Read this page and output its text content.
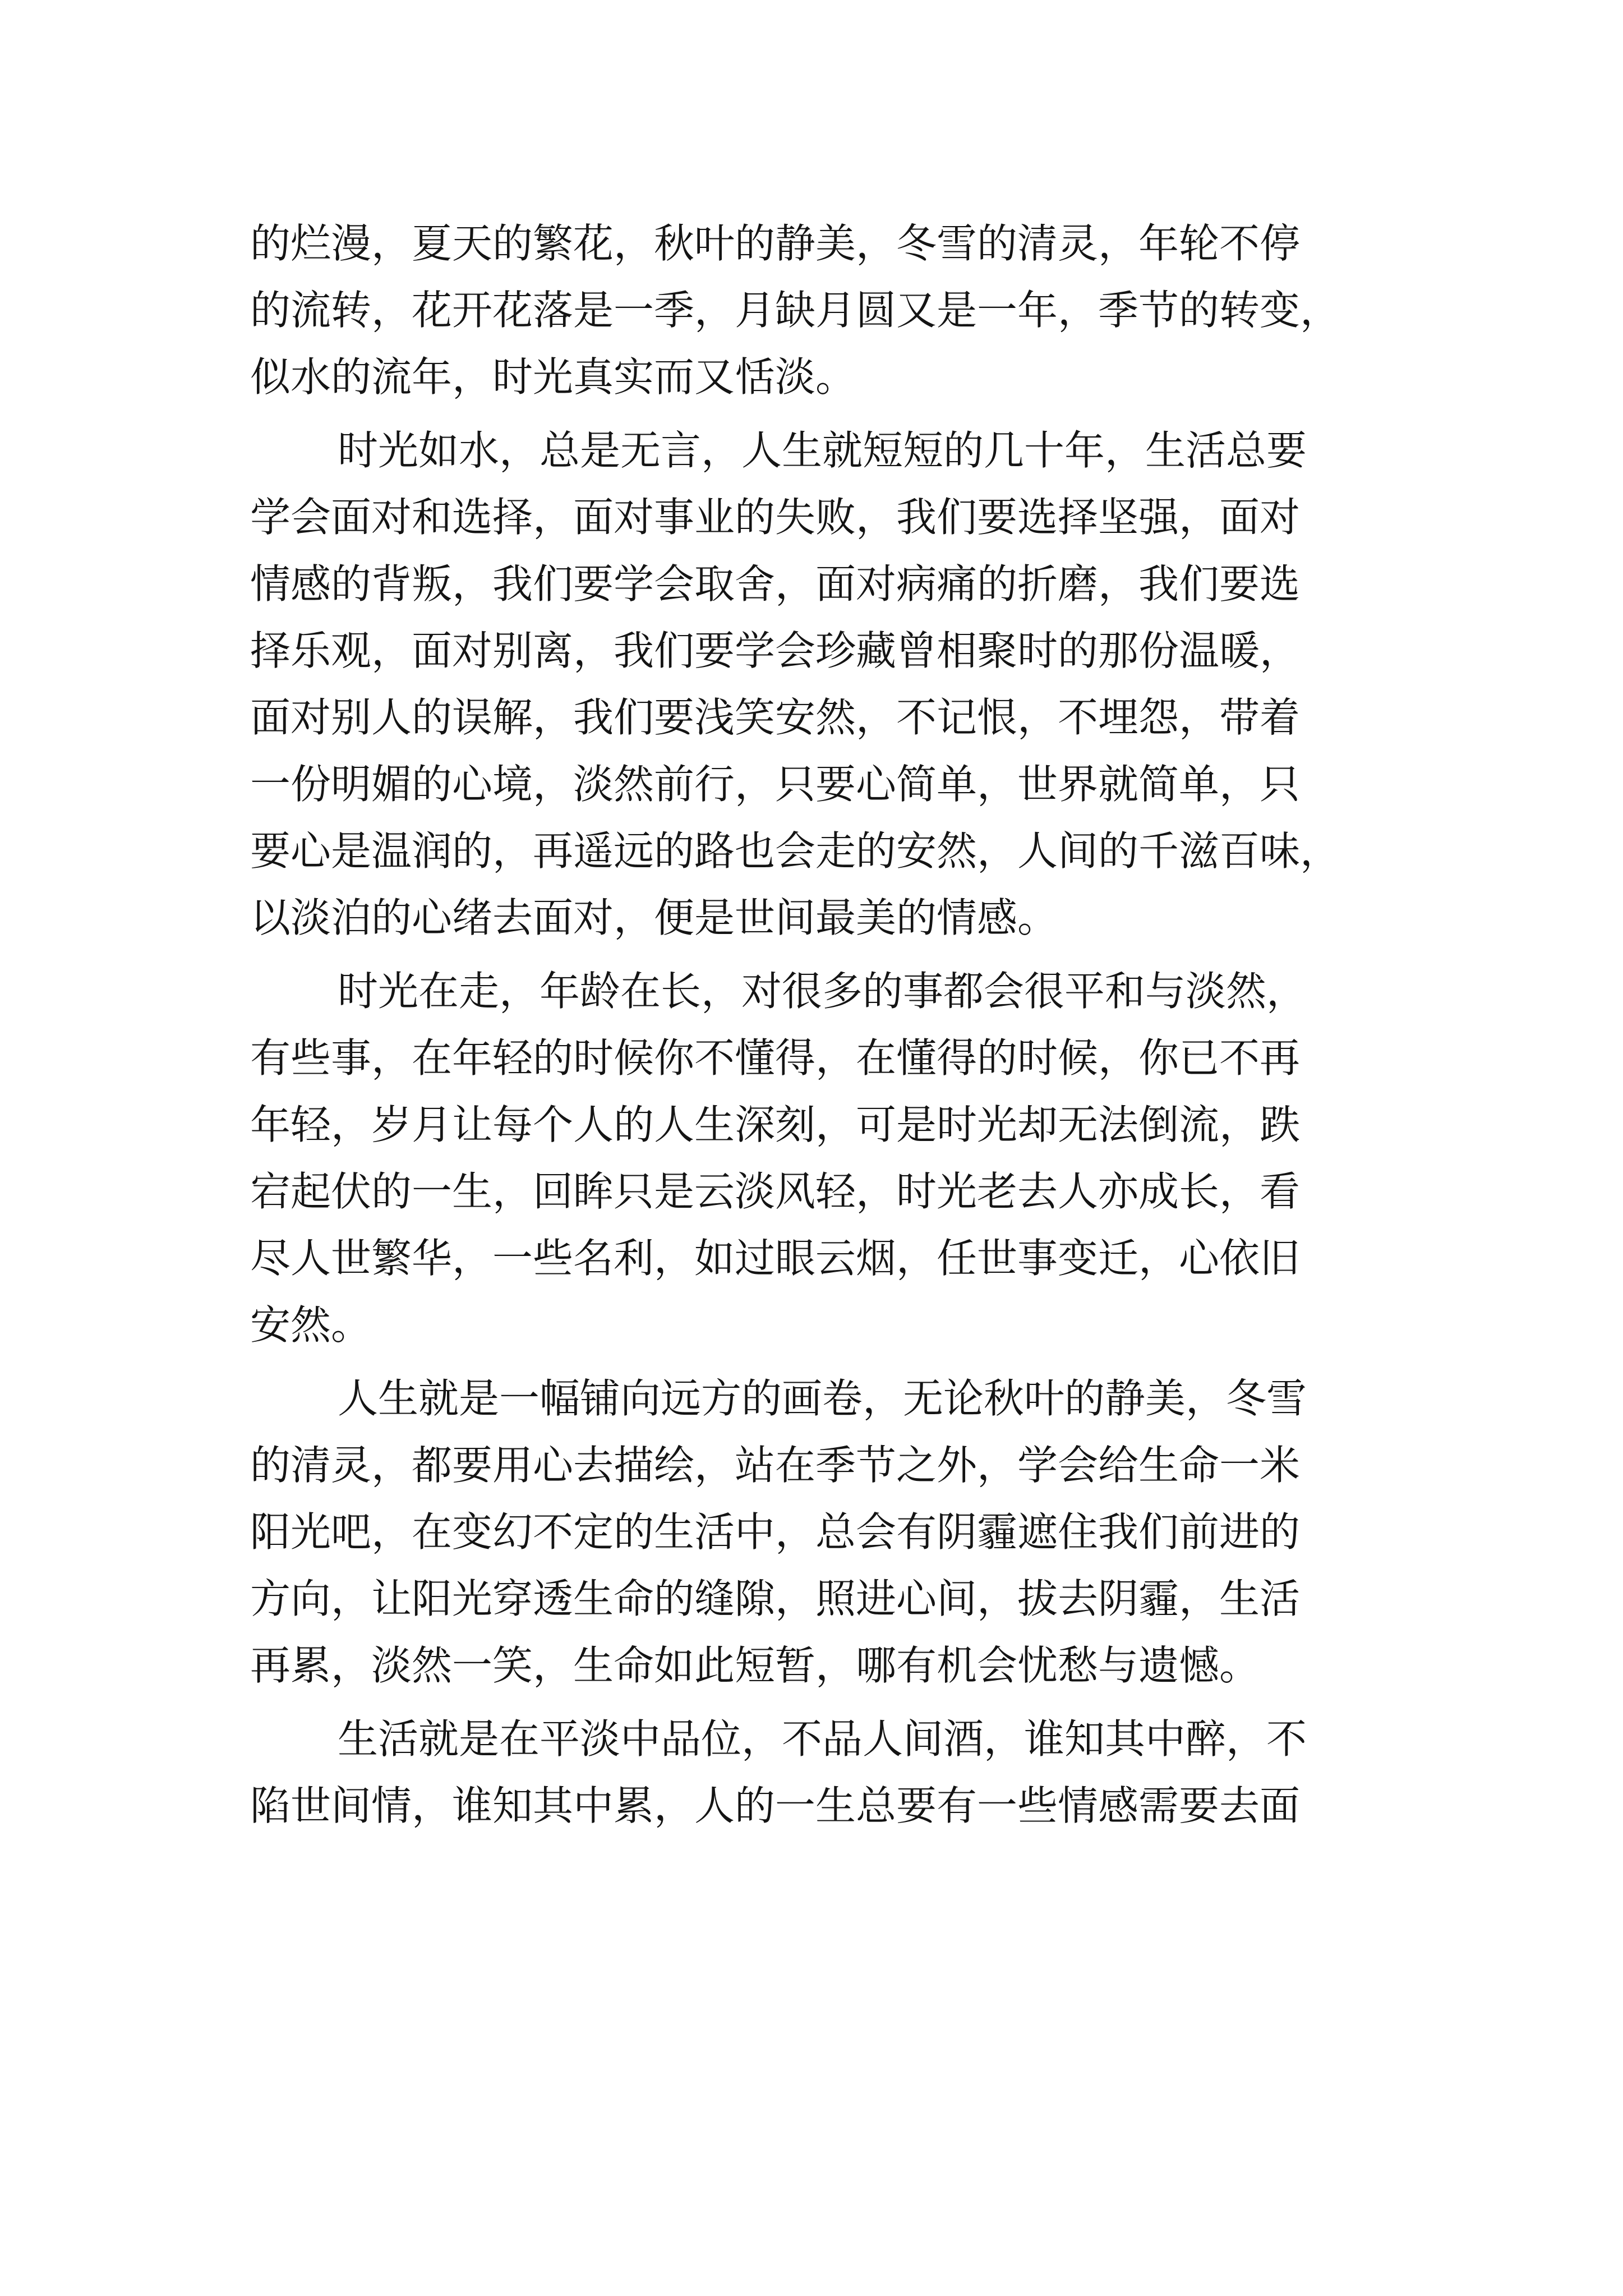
的烂漫，夏天的繁花，秋叶的静美，冬雪的清灵，年轮不停
的流转，花开花落是一季，月缺月圆又是一年，季节的转变，
似水的流年，时光真实而又恬淡。
时光如水，总是无言，人生就短短的几十年，生活总要
学会面对和选择，面对事业的失败，我们要选择坚强，面对
情感的背叛，我们要学会取舍，面对病痛的折磨，我们要选
择乐观，面对别离，我们要学会珍藏曾相聚时的那份温暖，
面对别人的误解，我们要浅笑安然，不记恨，不埋怨，带着
一份明媚的心境，淡然前行，只要心简单，世界就简单，只
要心是温润的，再遥远的路也会走的安然，人间的千滋百味，
以淡泊的心绪去面对，便是世间最美的情感。
时光在走，年龄在长，对很多的事都会很平和与淡然，
有些事，在年轻的时候你不懂得，在懂得的时候，你已不再
年轻，岁月让每个人的人生深刻，可是时光却无法倒流，跌
宕起伏的一生，回眸只是云淡风轻，时光老去人亦成长，看
尽人世繁华，一些名利，如过眼云烟，任世事变迁，心依旧
安然。
人生就是一幅铺向远方的画卷，无论秋叶的静美，冬雪
的清灵，都要用心去描绘，站在季节之外，学会给生命一米
阳光吧，在变幻不定的生活中，总会有阴霾遮住我们前进的
方向，让阳光穿透生命的缝隙，照进心间，拔去阴霾，生活
再累，淡然一笑，生命如此短暂，哪有机会忧愁与遗憾。
生活就是在平淡中品位，不品人间酒，谁知其中醉，不
陷世间情，谁知其中累，人的一生总要有一些情感需要去面
